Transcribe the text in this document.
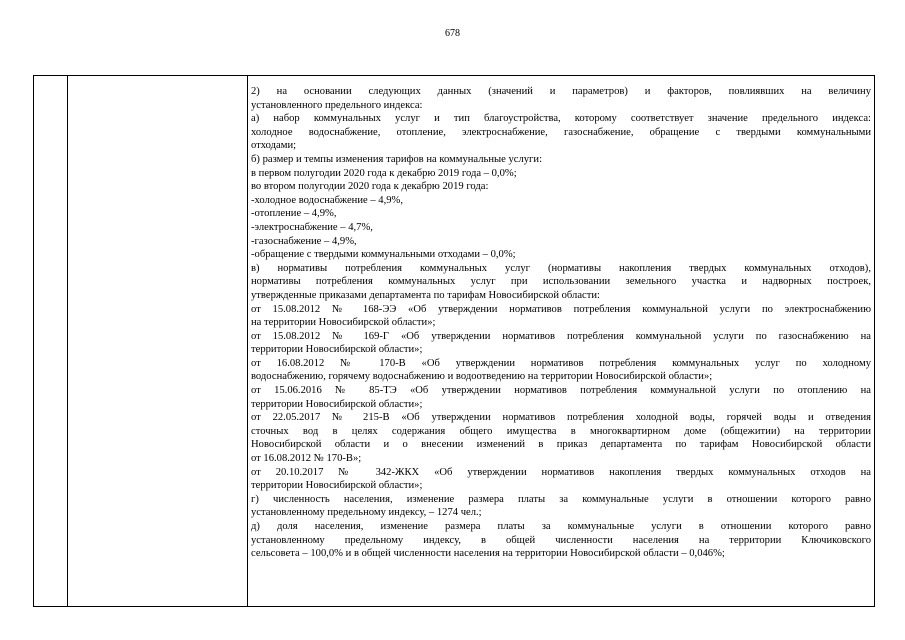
678
2) на основании следующих данных (значений и параметров) и факторов, повлиявших на величину
установленного предельного индекса:
а) набор коммунальных услуг и тип благоустройства, которому соответствует значение предельного индекса:
холодное водоснабжение, отопление, электроснабжение, газоснабжение, обращение с твердыми коммунальными
отходами;
б) размер и темпы изменения тарифов на коммунальные услуги:
в первом полугодии 2020 года к декабрю 2019 года – 0,0%;
во втором полугодии 2020 года к декабрю 2019 года:
-холодное водоснабжение – 4,9%,
-отопление – 4,9%,
-электроснабжение – 4,7%,
-газоснабжение – 4,9%,
-обращение с твердыми коммунальными отходами – 0,0%;
в) нормативы потребления коммунальных услуг (нормативы накопления твердых коммунальных отходов),
нормативы потребления коммунальных услуг при использовании земельного участка и надворных построек,
утвержденные приказами департамента по тарифам Новосибирской области:
от 15.08.2012 № 168-ЭЭ «Об утверждении нормативов потребления коммунальной услуги по электроснабжению
на территории Новосибирской области»;
от 15.08.2012 № 169-Г «Об утверждении нормативов потребления коммунальной услуги по газоснабжению на
территории Новосибирской области»;
от 16.08.2012 № 170-В «Об утверждении нормативов потребления коммунальных услуг по холодному
водоснабжению, горячему водоснабжению и водоотведению на территории Новосибирской области»;
от 15.06.2016 № 85-ТЭ «Об утверждении нормативов потребления коммунальной услуги по отоплению на
территории Новосибирской области»;
от 22.05.2017 № 215-В «Об утверждении нормативов потребления холодной воды, горячей воды и отведения
сточных вод в целях содержания общего имущества в многоквартирном доме (общежитии) на территории
Новосибирской области и о внесении изменений в приказ департамента по тарифам Новосибирской области
от 16.08.2012 № 170-В»;
от 20.10.2017 № 342-ЖКХ «Об утверждении нормативов накопления твердых коммунальных отходов на
территории Новосибирской области»;
г) численность населения, изменение размера платы за коммунальные услуги в отношении которого равно
установленному предельному индексу, – 1274 чел.;
д) доля населения, изменение размера платы за коммунальные услуги в отношении которого равно
установленному предельному индексу, в общей численности населения на территории Ключиковского
сельсовета – 100,0% и в общей численности населения на территории Новосибирской области – 0,046%;
